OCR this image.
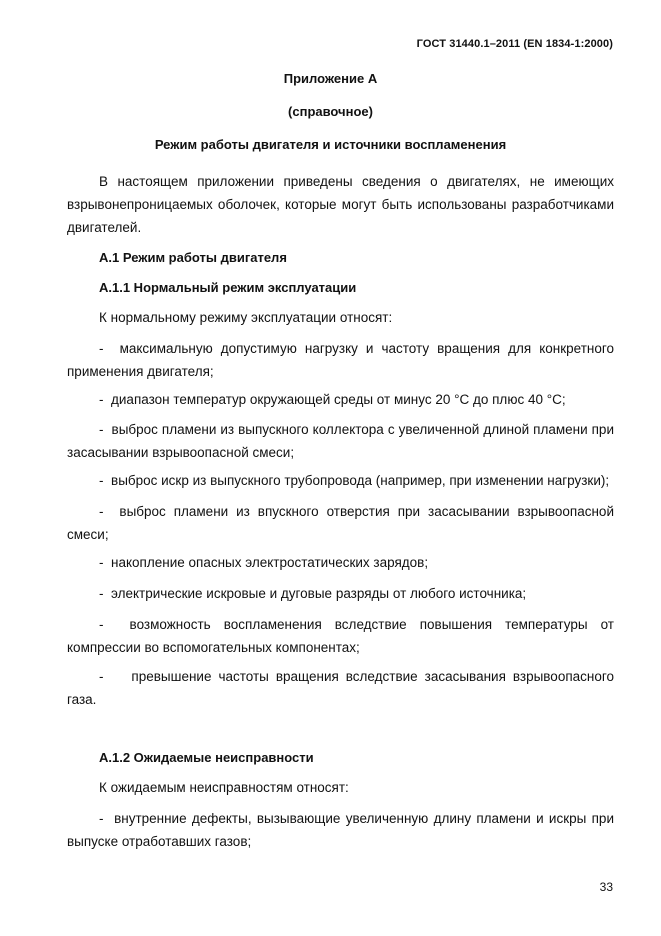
ГОСТ 31440.1–2011 (EN 1834-1:2000)
Приложение А
(справочное)
Режим работы двигателя и источники воспламенения
В настоящем приложении приведены сведения о двигателях, не имеющих взрывонепроницаемых оболочек, которые могут быть использованы разработчиками двигателей.
А.1 Режим работы двигателя
А.1.1 Нормальный режим эксплуатации
К нормальному режиму эксплуатации относят:
- максимальную допустимую нагрузку и частоту вращения для конкретного применения двигателя;
- диапазон температур окружающей среды от минус 20 °С до плюс 40 °С;
- выброс пламени из выпускного коллектора с увеличенной длиной пламени при засасывании взрывоопасной смеси;
- выброс искр из выпускного трубопровода (например, при изменении нагрузки);
- выброс пламени из впускного отверстия при засасывании взрывоопасной смеси;
- накопление опасных электростатических зарядов;
- электрические искровые и дуговые разряды от любого источника;
- возможность воспламенения вследствие повышения температуры от компрессии во вспомогательных компонентах;
- превышение частоты вращения вследствие засасывания взрывоопасного газа.
А.1.2 Ожидаемые неисправности
К ожидаемым неисправностям относят:
- внутренние дефекты, вызывающие увеличенную длину пламени и искры при выпуске отработавших газов;
33
